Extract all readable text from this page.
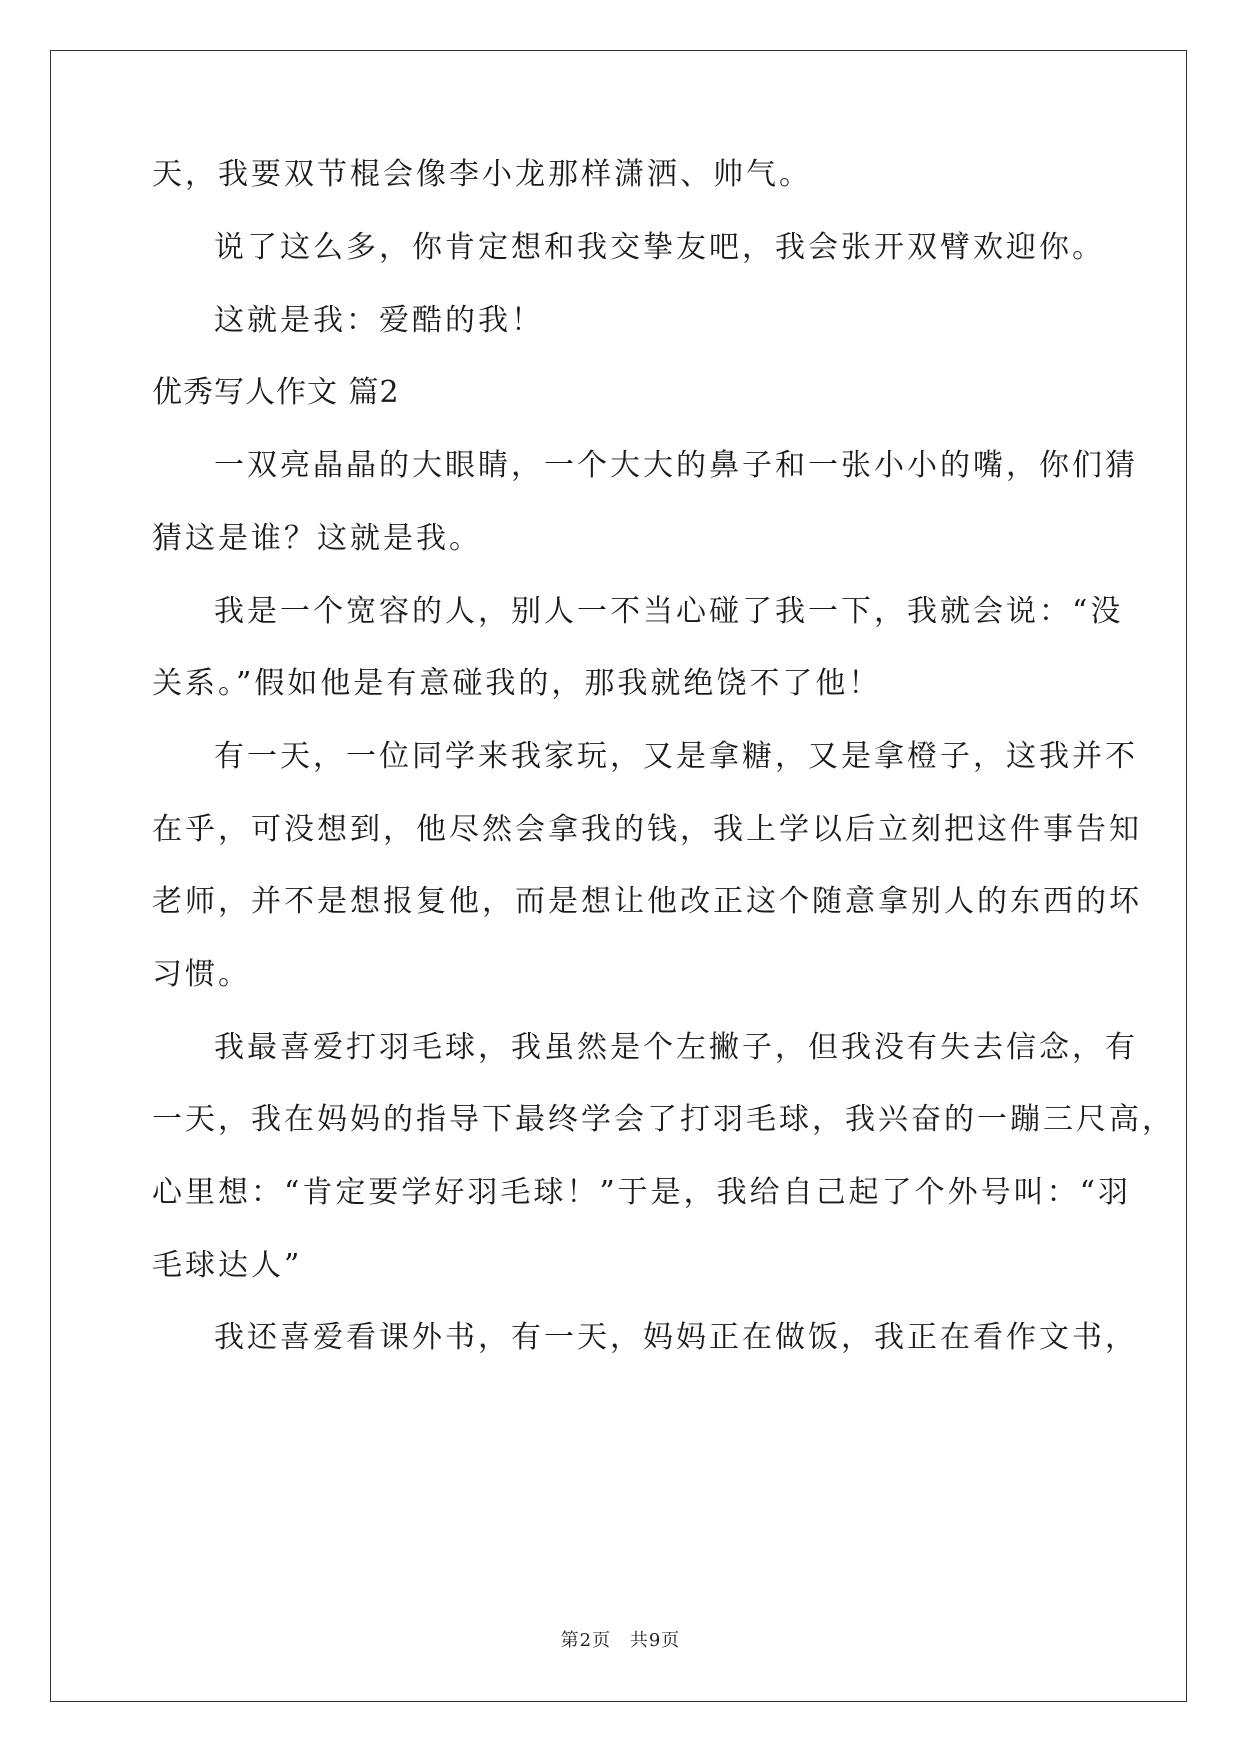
天，我要双节棍会像李小龙那样潇洒、帅气。
说了这么多，你肯定想和我交挚友吧，我会张开双臂欢迎你。
这就是我：爱酷的我！
优秀写人作文 篇2
一双亮晶晶的大眼睛，一个大大的鼻子和一张小小的嘴，你们猜
猜这是谁？这就是我。
我是一个宽容的人，别人一不当心碰了我一下，我就会说：“没
关系。”假如他是有意碰我的，那我就绝饶不了他！
有一天，一位同学来我家玩，又是拿糖，又是拿橙子，这我并不
在乎，可没想到，他尽然会拿我的钱，我上学以后立刻把这件事告知
老师，并不是想报复他，而是想让他改正这个随意拿别人的东西的坏
习惯。
我最喜爱打羽毛球，我虽然是个左撇子，但我没有失去信念，有
一天，我在妈妈的指导下最终学会了打羽毛球，我兴奋的一蹦三尺高，
心里想：“肯定要学好羽毛球！”于是，我给自己起了个外号叫：“羽
毛球达人”
我还喜爱看课外书，有一天，妈妈正在做饭，我正在看作文书，
第2页 共9页
